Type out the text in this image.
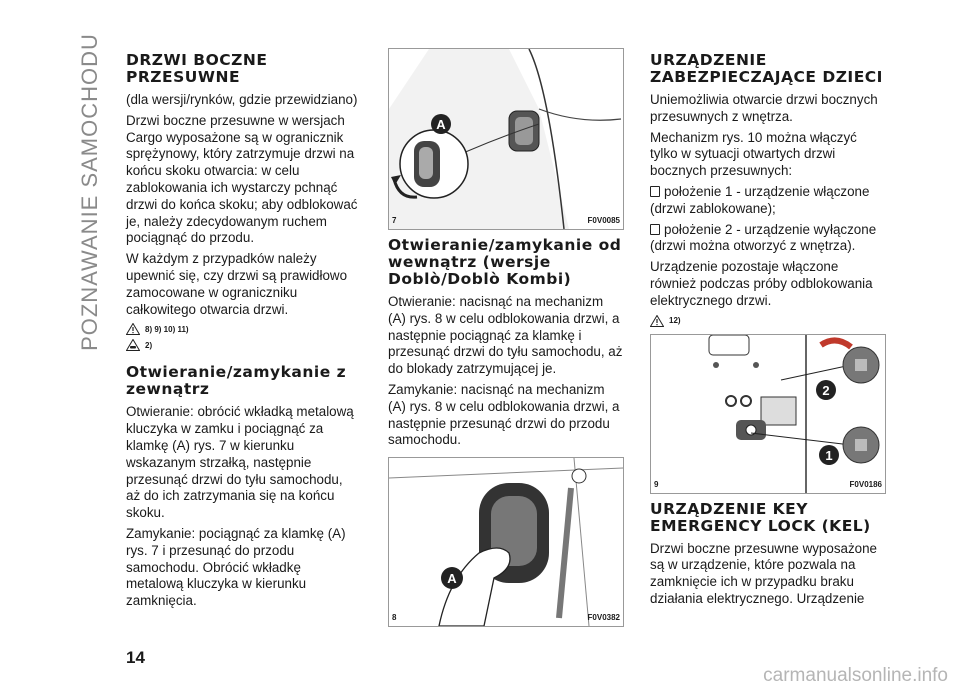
POZNAWANIE SAMOCHODU DRZWI BOCZNE PRZESUWNE

(dla wersji/rynków, gdzie przewidziano)

Drzwi boczne przesuwne w wersjach Cargo wyposażone są w ogranicznik sprężynowy, który zatrzymuje drzwi na końcu skoku otwarcia: w celu zablokowania ich wystarczy pchnąć drzwi do końca skoku; aby odblokować je, należy zdecydowanym ruchem pociągnąć do przodu.

W każdym z przypadków należy upewnić się, czy drzwi są prawidłowo zamocowane w ograniczniku całkowitego otwarcia drzwi.

8) 9) 10) 11)
2)
Otwieranie/zamykanie z zewnątrz

Otwieranie: obrócić wkładką metalową kluczyka w zamku i pociągnąć za klamkę (A) rys. 7 w kierunku wskazanym strzałką, następnie przesunąć drzwi do tyłu samochodu, aż do ich zatrzymania się na końcu skoku.

Zamykanie: pociągnąć za klamkę (A) rys. 7 i przesunąć do przodu samochodu. Obrócić wkładkę metalową kluczyka w kierunku zamknięcia.

A
7	F0V0085
Otwieranie/zamykanie od wewnątrz (wersje Doblò/Doblò Kombi)

Otwieranie: nacisnąć na mechanizm (A) rys. 8 w celu odblokowania drzwi, a następnie pociągnąć za klamkę i przesunąć drzwi do tyłu samochodu, aż do blokady zatrzymującej je.

Zamykanie: nacisnąć na mechanizm (A) rys. 8 w celu odblokowania drzwi, a następnie przesunąć drzwi do przodu samochodu.

A
8	F0V0382
URZĄDZENIE ZABEZPIECZAJĄCE DZIECI

Uniemożliwia otwarcie drzwi bocznych przesuwnych z wnętrza.

Mechanizm rys. 10 można włączyć tylko w sytuacji otwartych drzwi bocznych przesuwnych:

położenie 1 - urządzenie włączone (drzwi zablokowane);

położenie 2 - urządzenie wyłączone (drzwi można otworzyć z wnętrza).

Urządzenie pozostaje włączone również podczas próby odblokowania elektrycznego drzwi.

12)
2
1
9	F0V0186
URZĄDZENIE KEY EMERGENCY LOCK (KEL)

Drzwi boczne przesuwne wyposażone są w urządzenie, które pozwala na zamknięcie ich w przypadku braku działania elektrycznego. Urządzenie

14
carmanualsonline.info
